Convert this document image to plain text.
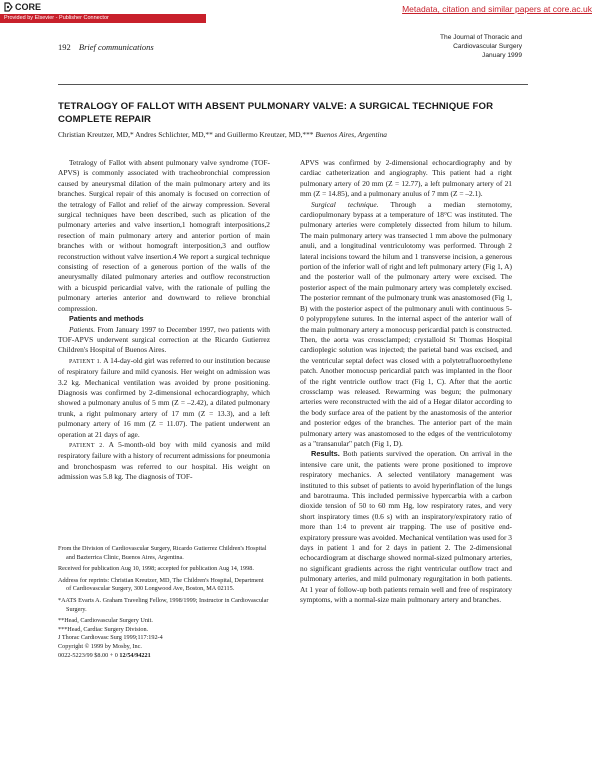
CORE
Provided by Elsevier - Publisher Connector
Metadata, citation and similar papers at core.ac.uk
192 Brief communications
The Journal of Thoracic and
Cardiovascular Surgery
January 1999
TETRALOGY OF FALLOT WITH ABSENT PULMONARY VALVE: A SURGICAL TECHNIQUE FOR COMPLETE REPAIR
Christian Kreutzer, MD,* Andres Schlichter, MD,** and Guillermo Kreutzer, MD,*** Buenos Aires, Argentina

Tetralogy of Fallot with absent pulmonary valve syndrome (TOF-APVS) is commonly associated with tracheobronchial compression caused by aneurysmal dilation of the main pulmonary artery and its branches. Surgical repair of this anomaly is focused on correction of the tetralogy of Fallot and relief of the airway compression. Several surgical techniques have been described, such as plication of the pulmonary arteries and valve insertion,1 homograft interpositions,2 resection of main pulmonary artery and anterior portion of main branches with or without homograft interposition,3 and outflow reconstruction without valve insertion.4 We report a surgical technique consisting of resection of a generous portion of the walls of the aneurysmally dilated pulmonary arteries and outflow reconstruction with a bicuspid pericardial valve, with the rationale of pulling the pulmonary arteries anterior and downward to relieve bronchial compression.

Patients and methods

Patients. From January 1997 to December 1997, two patients with TOF-APVS underwent surgical correction at the Ricardo Gutierrez Children's Hospital of Buenos Aires.

PATIENT 1. A 14-day-old girl was referred to our institution because of respiratory failure and mild cyanosis. Her weight on admission was 3.2 kg. Mechanical ventilation was avoided by prone positioning. Diagnosis was confirmed by 2-dimensional echocardiography, which showed a pulmonary anulus of 5 mm (Z = –2.42), a dilated pulmonary trunk, a right pulmonary artery of 17 mm (Z = 13.3), and a left pulmonary artery of 16 mm (Z = 11.07). The patient underwent an operation at 21 days of age.

PATIENT 2. A 5-month-old boy with mild cyanosis and mild respiratory failure with a history of recurrent admissions for pneumonia and bronchospasm was referred to our hospital. His weight on admission was 5.8 kg. The diagnosis of TOF-

From the Division of Cardiovascular Surgery, Ricardo Gutierrez Children's Hospital and Bazterrica Clinic, Buenos Aires, Argentina.

Received for publication Aug 10, 1998; accepted for publication Aug 14, 1998.

Address for reprints: Christian Kreutzer, MD, The Children's Hospital, Department of Cardiovascular Surgery, 300 Longwood Ave, Boston, MA 02115.

*AATS Evarts A. Graham Traveling Fellow, 1998/1999; Instructor in Cardiovascular Surgery.

**Head, Cardiovascular Surgery Unit.

***Head, Cardiac Surgery Division.

J Thorac Cardiovasc Surg 1999;117:192-4

Copyright © 1999 by Mosby, Inc.

0022-5223/99 $8.00 + 0 12/54/94221

APVS was confirmed by 2-dimensional echocardiography and by cardiac catheterization and angiography. This patient had a right pulmonary artery of 20 mm (Z = 12.77), a left pulmonary artery of 21 mm (Z = 14.85), and a pulmonary anulus of 7 mm (Z = –2.1).

Surgical technique. Through a median sternotomy, cardiopulmonary bypass at a temperature of 18°C was instituted. The pulmonary arteries were completely dissected from hilum to hilum. The main pulmonary artery was transected 1 mm above the pulmonary anuli, and a longitudinal ventriculotomy was performed. Through 2 lateral incisions toward the hilum and 1 transverse incision, a generous portion of the inferior wall of right and left pulmonary artery (Fig 1, A) and the posterior wall of the pulmonary artery were excised. The posterior aspect of the main pulmonary artery was completely excised. The posterior remnant of the pulmonary trunk was anastomosed (Fig 1, B) with the posterior aspect of the pulmonary anuli with continuous 5-0 polypropylene sutures. In the internal aspect of the anterior wall of the main pulmonary artery a monocusp pericardial patch is constructed. Then, the aorta was crossclamped; crystalloid St Thomas Hospital cardioplegic solution was injected; the parietal band was excised, and the ventricular septal defect was closed with a polytetrafluoroethylene patch. Another monocusp pericardial patch was implanted in the floor of the right ventricle outflow tract (Fig 1, C). After that the aortic crossclamp was released. Rewarming was begun; the pulmonary arteries were reconstructed with the aid of a Hegar dilator according to the body surface area of the patient by the anastomosis of the anterior and posterior edges of the branches. The anterior part of the main pulmonary artery was anastomosed to the edges of the ventriculotomy as a "transanular" patch (Fig 1, D).

Results. Both patients survived the operation. On arrival in the intensive care unit, the patients were prone positioned to improve respiratory mechanics. A selected ventilatory management was instituted to this subset of patients to avoid hyperinflation of the lungs and barotrauma. This included permissive hypercarbia with a carbon dioxide tension of 50 to 60 mm Hg, low respiratory rates, and very short inspiratory times (0.6 s) with an inspiratory/expiratory ratio of more than 1:4 to prevent air trapping. The use of positive end-expiratory pressure was avoided. Mechanical ventilation was used for 3 days in patient 1 and for 2 days in patient 2. The 2-dimensional echocardiogram at discharge showed normal-sized pulmonary arteries, no significant gradients across the right ventricular outflow tract and pulmonary arteries, and mild pulmonary regurgitation in both patients. At 1 year of follow-up both patients remain well and free of respiratory symptoms, with a normal-size main pulmonary artery and branches.
